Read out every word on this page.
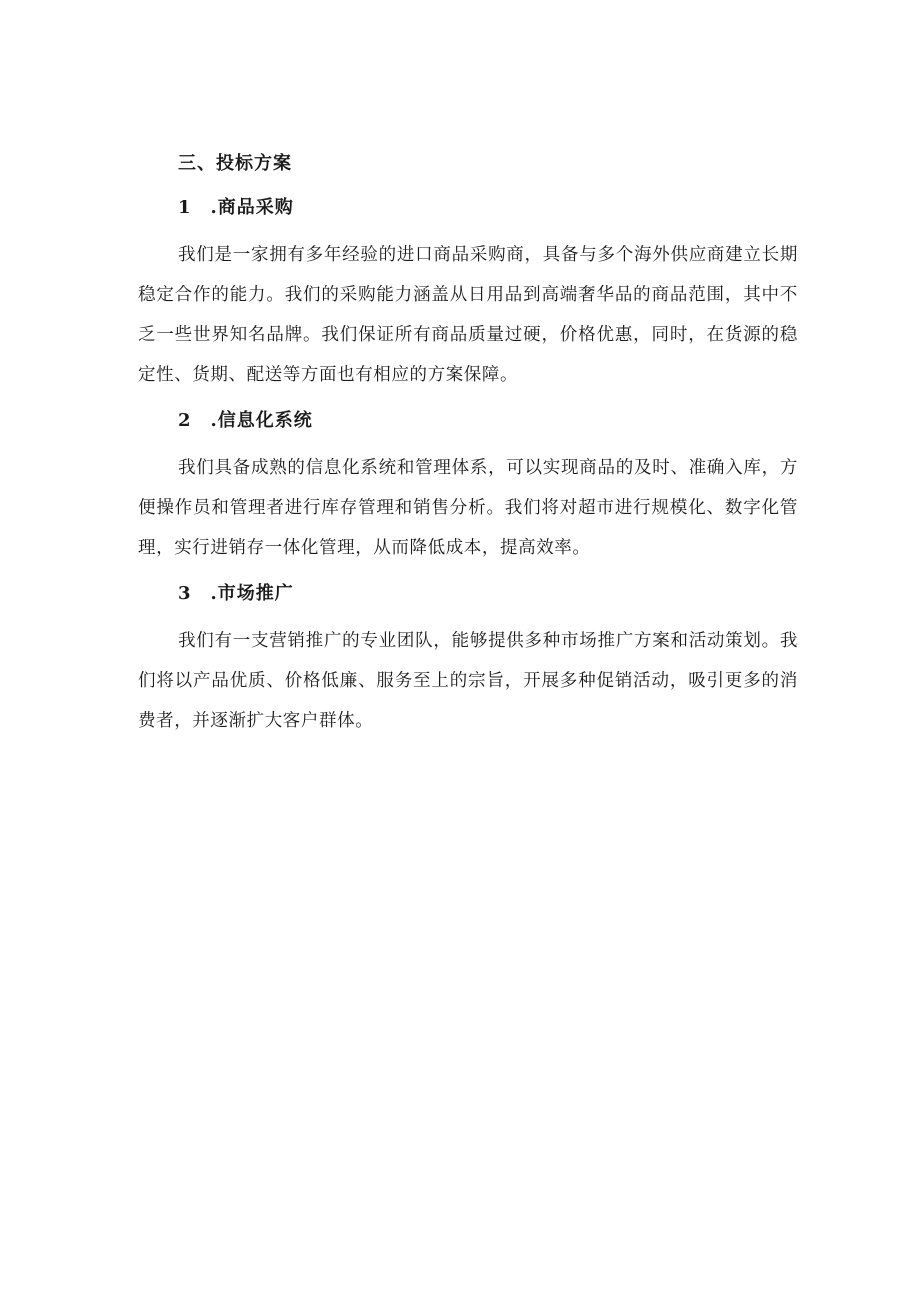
三、投标方案
1　.商品采购

我们是一家拥有多年经验的进口商品采购商，具备与多个海外供应商建立长期稳定合作的能力。我们的采购能力涵盖从日用品到高端奢华品的商品范围，其中不乏一些世界知名品牌。我们保证所有商品质量过硬，价格优惠，同时，在货源的稳定性、货期、配送等方面也有相应的方案保障。

2　.信息化系统

我们具备成熟的信息化系统和管理体系，可以实现商品的及时、准确入库，方便操作员和管理者进行库存管理和销售分析。我们将对超市进行规模化、数字化管理，实行进销存一体化管理，从而降低成本，提高效率。

3　.市场推广

我们有一支营销推广的专业团队，能够提供多种市场推广方案和活动策划。我们将以产品优质、价格低廉、服务至上的宗旨，开展多种促销活动，吸引更多的消费者，并逐渐扩大客户群体。
